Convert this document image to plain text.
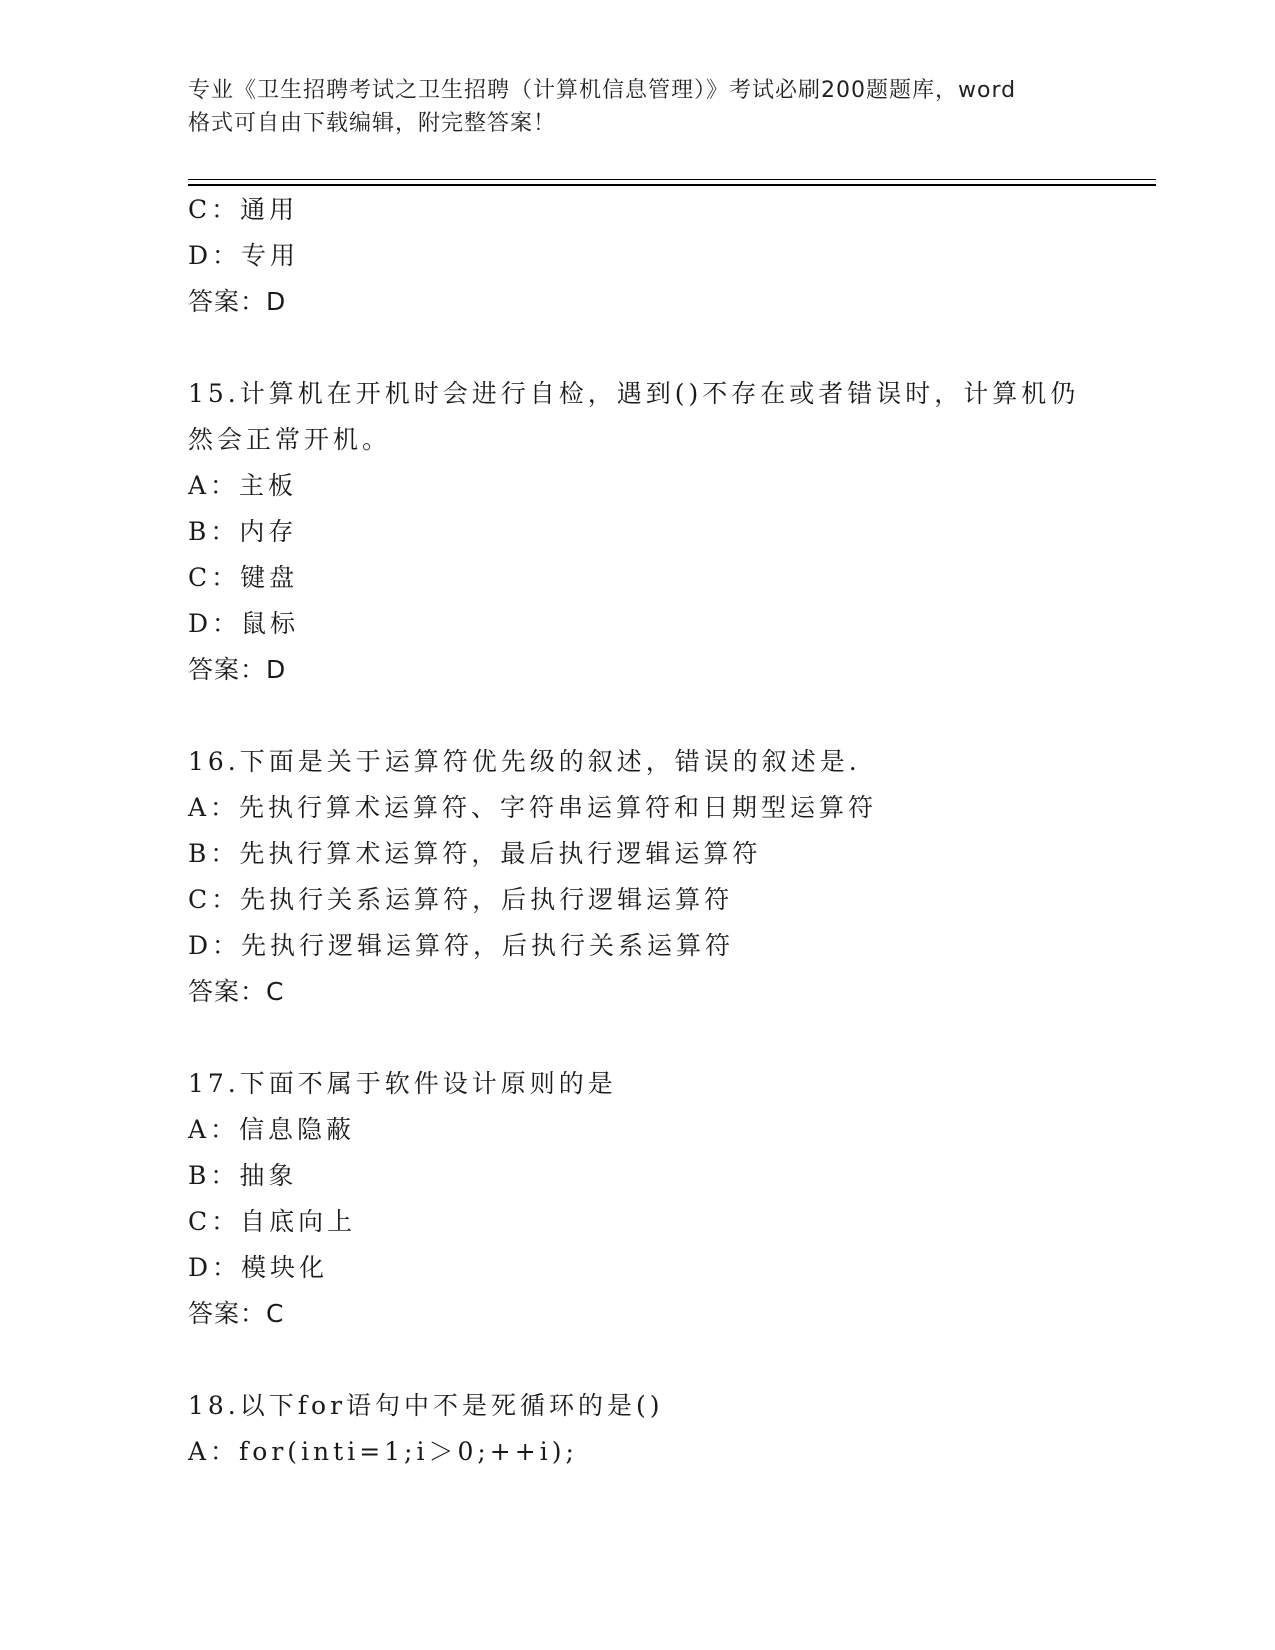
专业《卫生招聘考试之卫生招聘（计算机信息管理）》考试必刷200题题库，word
格式可自由下载编辑，附完整答案！
C：通用
D：专用
答案：D
15.计算机在开机时会进行自检，遇到()不存在或者错误时，计算机仍
然会正常开机。
A：主板
B：内存
C：键盘
D：鼠标
答案：D
16.下面是关于运算符优先级的叙述，错误的叙述是.
A：先执行算术运算符、字符串运算符和日期型运算符
B：先执行算术运算符，最后执行逻辑运算符
C：先执行关系运算符，后执行逻辑运算符
D：先执行逻辑运算符，后执行关系运算符
答案：C
17.下面不属于软件设计原则的是
A：信息隐蔽
B：抽象
C：自底向上
D：模块化
答案：C
18.以下for语句中不是死循环的是()
A：for(inti=1;i＞0;++i);
